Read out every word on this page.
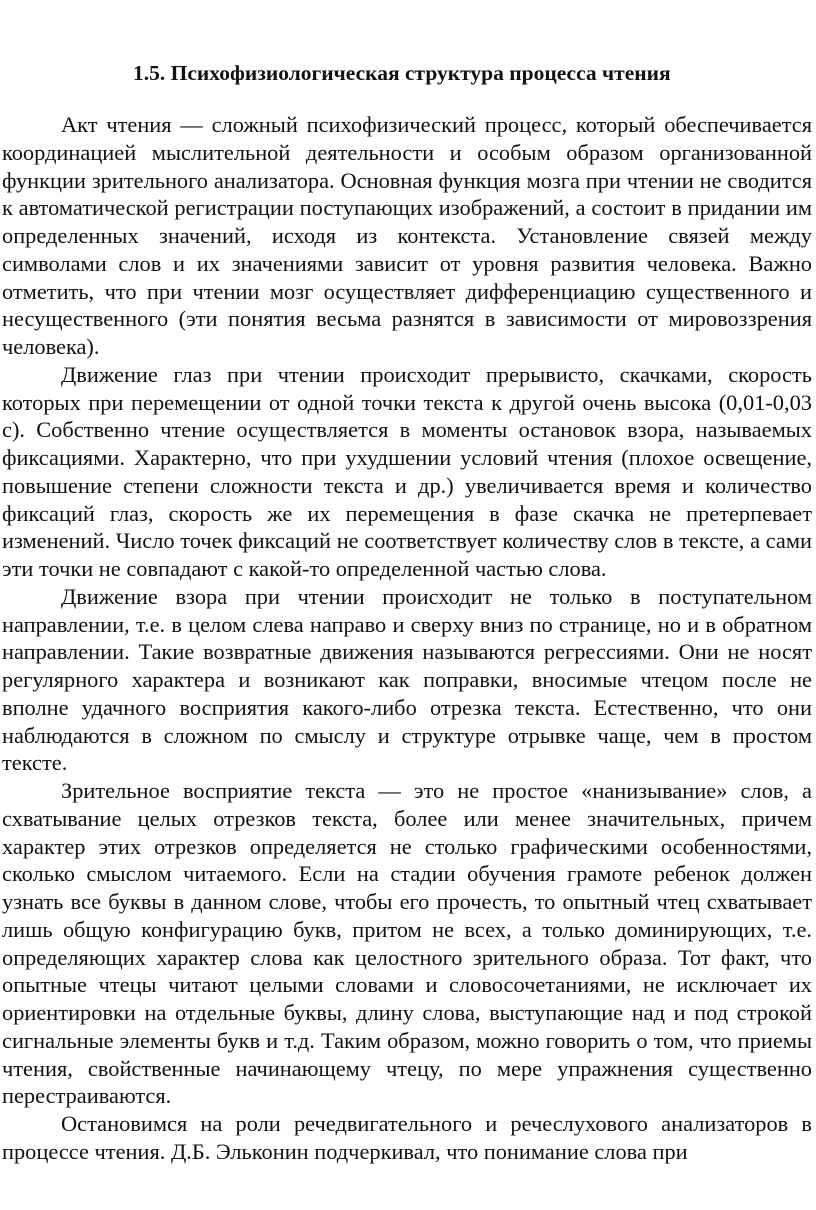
1.5. Психофизиологическая структура процесса чтения

Акт чтения — сложный психофизический процесс, который обеспечивается координацией мыслительной деятельности и особым образом организованной функции зрительного анализатора. Основная функция мозга при чтении не сводится к автоматической регистрации поступающих изображений, а состоит в придании им определенных значений, исходя из контекста. Установление связей между символами слов и их значениями зависит от уровня развития человека. Важно отметить, что при чтении мозг осуществляет дифференциацию существенного и несущественного (эти понятия весьма разнятся в зависимости от мировоззрения человека).

Движение глаз при чтении происходит прерывисто, скачками, скорость которых при перемещении от одной точки текста к другой очень высока (0,01-0,03 с). Собственно чтение осуществляется в моменты остановок взора, называемых фиксациями. Характерно, что при ухудшении условий чтения (плохое освещение, повышение степени сложности текста и др.) увеличивается время и количество фиксаций глаз, скорость же их перемещения в фазе скачка не претерпевает изменений. Число точек фиксаций не соответствует количеству слов в тексте, а сами эти точки не совпадают с какой-то определенной частью слова.

Движение взора при чтении происходит не только в поступательном направлении, т.е. в целом слева направо и сверху вниз по странице, но и в обратном направлении. Такие возвратные движения называются регрессиями. Они не носят регулярного характера и возникают как поправки, вносимые чтецом после не вполне удачного восприятия какого-либо отрезка текста. Естественно, что они наблюдаются в сложном по смыслу и структуре отрывке чаще, чем в простом тексте.

Зрительное восприятие текста — это не простое «нанизывание» слов, а схватывание целых отрезков текста, более или менее значительных, причем характер этих отрезков определяется не столько графическими особенностями, сколько смыслом читаемого. Если на стадии обучения грамоте ребенок должен узнать все буквы в данном слове, чтобы его прочесть, то опытный чтец схватывает лишь общую конфигурацию букв, притом не всех, а только доминирующих, т.е. определяющих характер слова как целостного зрительного образа. Тот факт, что опытные чтецы читают целыми словами и словосочетаниями, не исключает их ориентировки на отдельные буквы, длину слова, выступающие над и под строкой сигнальные элементы букв и т.д. Таким образом, можно говорить о том, что приемы чтения, свойственные начинающему чтецу, по мере упражнения существенно перестраиваются.

Остановимся на роли речедвигательного и речеслухового анализаторов в процессе чтения. Д.Б. Эльконин подчеркивал, что понимание слова при
